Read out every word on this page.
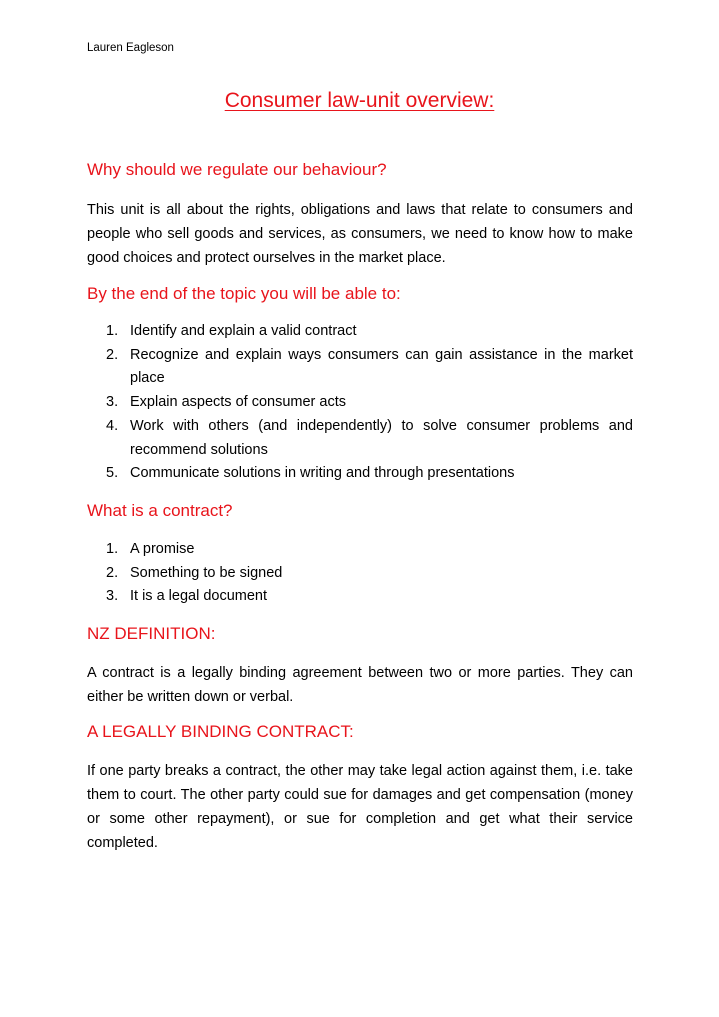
Lauren Eagleson
Consumer law-unit overview:
Why should we regulate our behaviour?

This unit is all about the rights, obligations and laws that relate to consumers and people who sell goods and services, as consumers, we need to know how to make good choices and protect ourselves in the market place.

By the end of the topic you will be able to:
1. Identify and explain a valid contract
2. Recognize and explain ways consumers can gain assistance in the market place
3. Explain aspects of consumer acts
4. Work with others (and independently) to solve consumer problems and recommend solutions
5. Communicate solutions in writing and through presentations
What is a contract?
1. A promise
2. Something to be signed
3. It is a legal document
NZ DEFINITION:

A contract is a legally binding agreement between two or more parties. They can either be written down or verbal.

A LEGALLY BINDING CONTRACT:

If one party breaks a contract, the other may take legal action against them, i.e. take them to court. The other party could sue for damages and get compensation (money or some other repayment), or sue for completion and get what their service completed.
